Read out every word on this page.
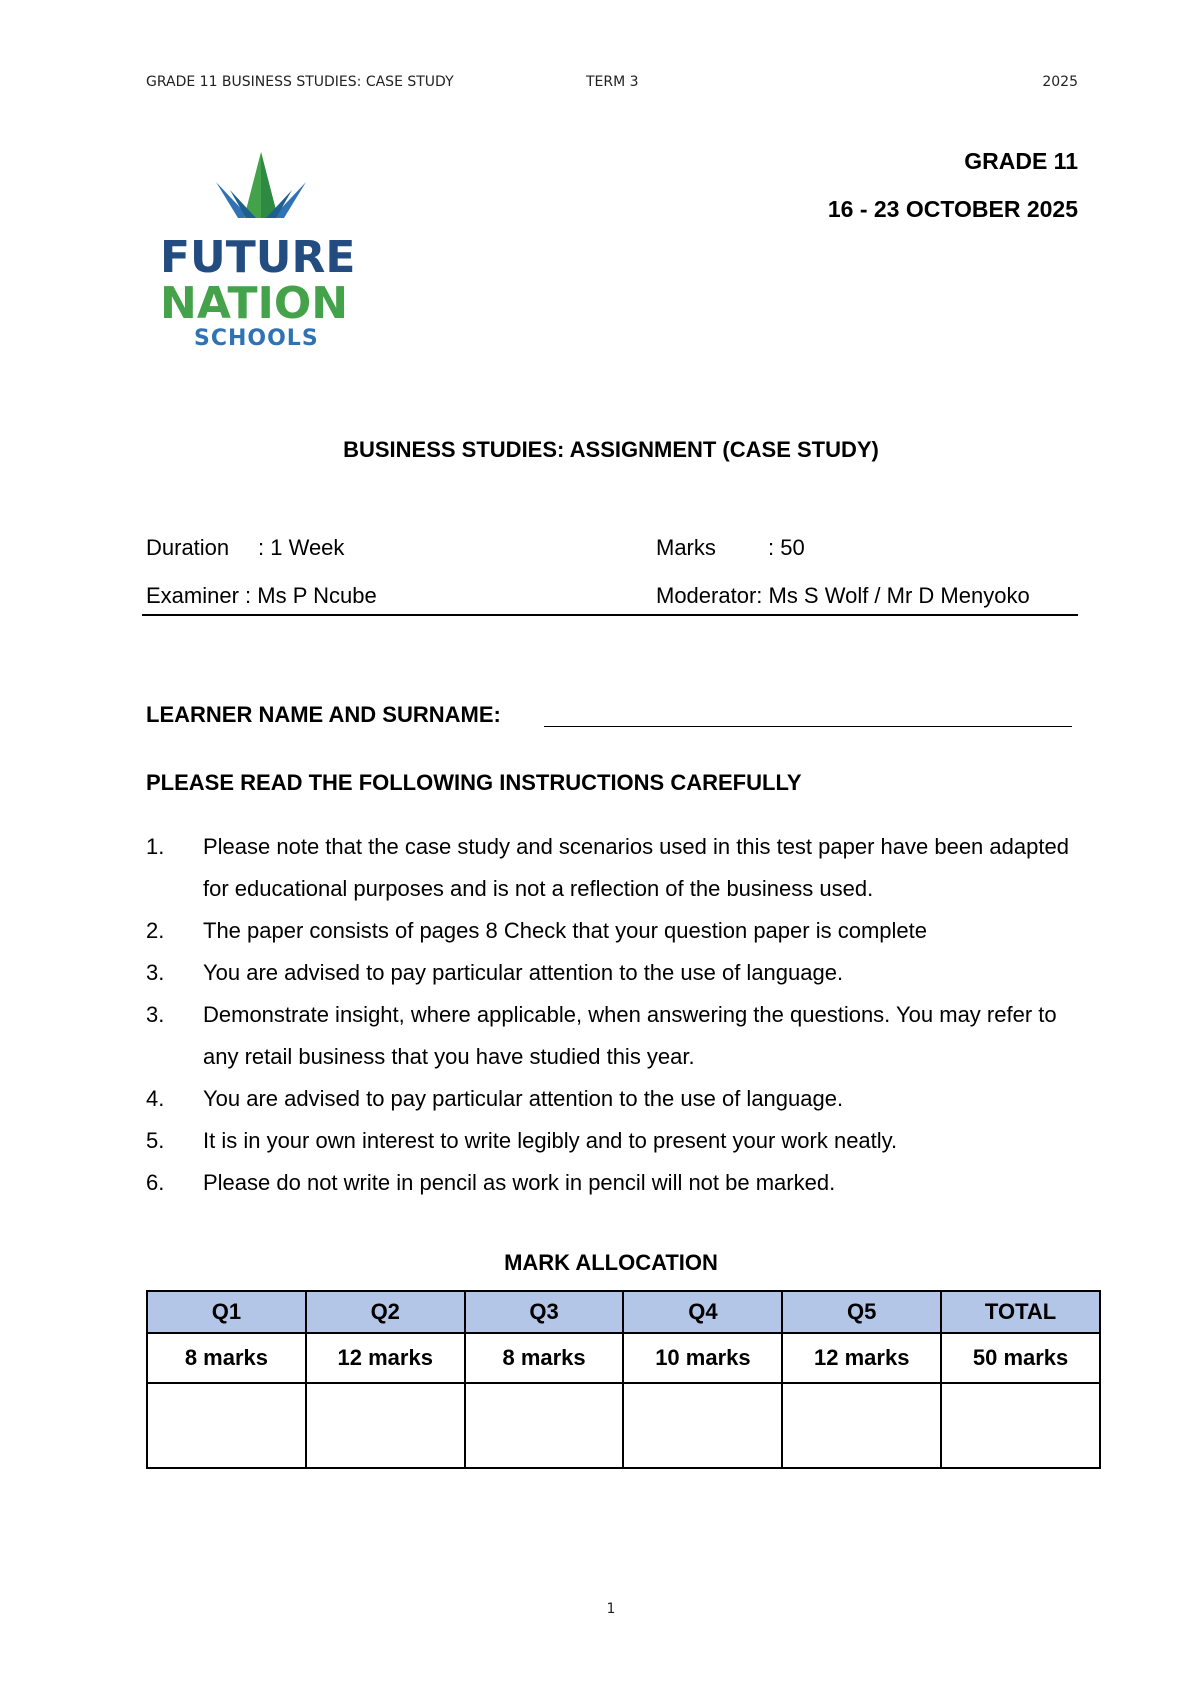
GRADE 11 BUSINESS STUDIES: CASE STUDY	TERM 3	2025
FUTURE
NATION
SCHOOLS
GRADE 11
16 - 23 OCTOBER 2025
BUSINESS STUDIES: ASSIGNMENT (CASE STUDY)
Duration : 1 Week	Marks : 50
Examiner : Ms P Ncube	Moderator: Ms S Wolf / Mr D Menyoko
LEARNER NAME AND SURNAME:
PLEASE READ THE FOLLOWING INSTRUCTIONS CAREFULLY
1. Please note that the case study and scenarios used in this test paper have been adapted for educational purposes and is not a reflection of the business used.
2. The paper consists of pages 8 Check that your question paper is complete
3. You are advised to pay particular attention to the use of language.
3. Demonstrate insight, where applicable, when answering the questions. You may refer to any retail business that you have studied this year.
4. You are advised to pay particular attention to the use of language.
5. It is in your own interest to write legibly and to present your work neatly.
6. Please do not write in pencil as work in pencil will not be marked.
MARK ALLOCATION
Q1	Q2	Q3	Q4	Q5	TOTAL
8 marks	12 marks	8 marks	10 marks	12 marks	50 marks

1
